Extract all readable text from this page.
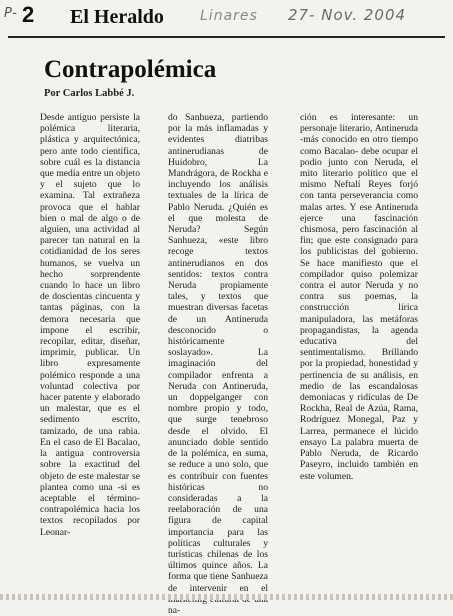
P- 2 El Heraldo	Linares 27- Nov. 2004
Contrapolémica
Por Carlos Labbé J.
Desde antiguo persiste la polémica literaria, plástica y arquitectónica, pero ante todo científica, sobre cuál es la distancia que media entre un objeto y el sujeto que lo examina. Tal extrañeza provoca que el hablar bien o mal de algo o de alguien, una actividad al parecer tan natural en la cotidianidad de los seres humanos, se vuelva un hecho sorprendente cuando lo hace un libro de doscientas cincuenta y tantas páginas, con la demora necesaria que impone el escribir, recopilar, editar, diseñar, imprimir, publicar. Un libro expresamente polémico responde a una voluntad colectiva por hacer patente y elaborado un malestar, que es el sedimento escrito, tamizado, de una rabia. En el caso de El Bacalao, la antigua controversia sobre la exactitud del objeto de este malestar se plantea como una -si es aceptable el término- contrapolémica hacia los textos recopilados por Leonar-
do Sanhueza, partiendo por la más inflamadas y evidentes diatribas antinerudianas de Huidobro, La Mandrágora, de Rockha e incluyendo los análisis textuales de la lírica de Pablo Neruda. ¿Quién es el que molesta de Neruda? Según Sanhueza, «este libro recoge textos antinerudianos en dos sentidos: textos contra Neruda propiamente tales, y textos que muestran diversas facetas de un Antineruda desconocido o históricamente soslayado». La imaginación del compilador enfrenta a Neruda con Antineruda, un doppelganger con nombre propio y todo, que surge tenebroso desde el olvido. El anunciado doble sentido de la polémica, en suma, se reduce a uno solo, que es contribuir con fuentes históricas no consideradas a la reelaboración de una figura de capital importancia para las políticas culturales y turísticas chilenas de los últimos quince años. La forma que tiene Sanhueza de intervenir en el na-
ción es interesante: un personaje literario, Antineruda -más conocido en otro tiempo como Bacalao- debe ocupar el podio junto con Neruda, el mito literario político que el mismo Neftalí Reyes forjó con tanta perseverancia como malas artes. Y ese Antineruda ejerce una fascinación chismosa, pero fascinación al fin; que este consignado para los publicistas del gobierno. Se hace manifiesto que el compilador quiso polemizar contra el autor Neruda y no contra sus poemas, la construcción lírica manipuladora, las metáforas propagandistas, la agenda educativa del sentimentalismo. Brillando por la propiedad, honestidad y pertinencia de su análisis, en medio de las escandalosas demoniacas y ridículas de De Rockha, Real de Azúa, Rama, Rodríguez Monegal, Paz y Larrea, permanece el lúcido ensayo La palabra muerta de Pablo Neruda, de Ricardo Paseyro, incluido también en este volumen.
